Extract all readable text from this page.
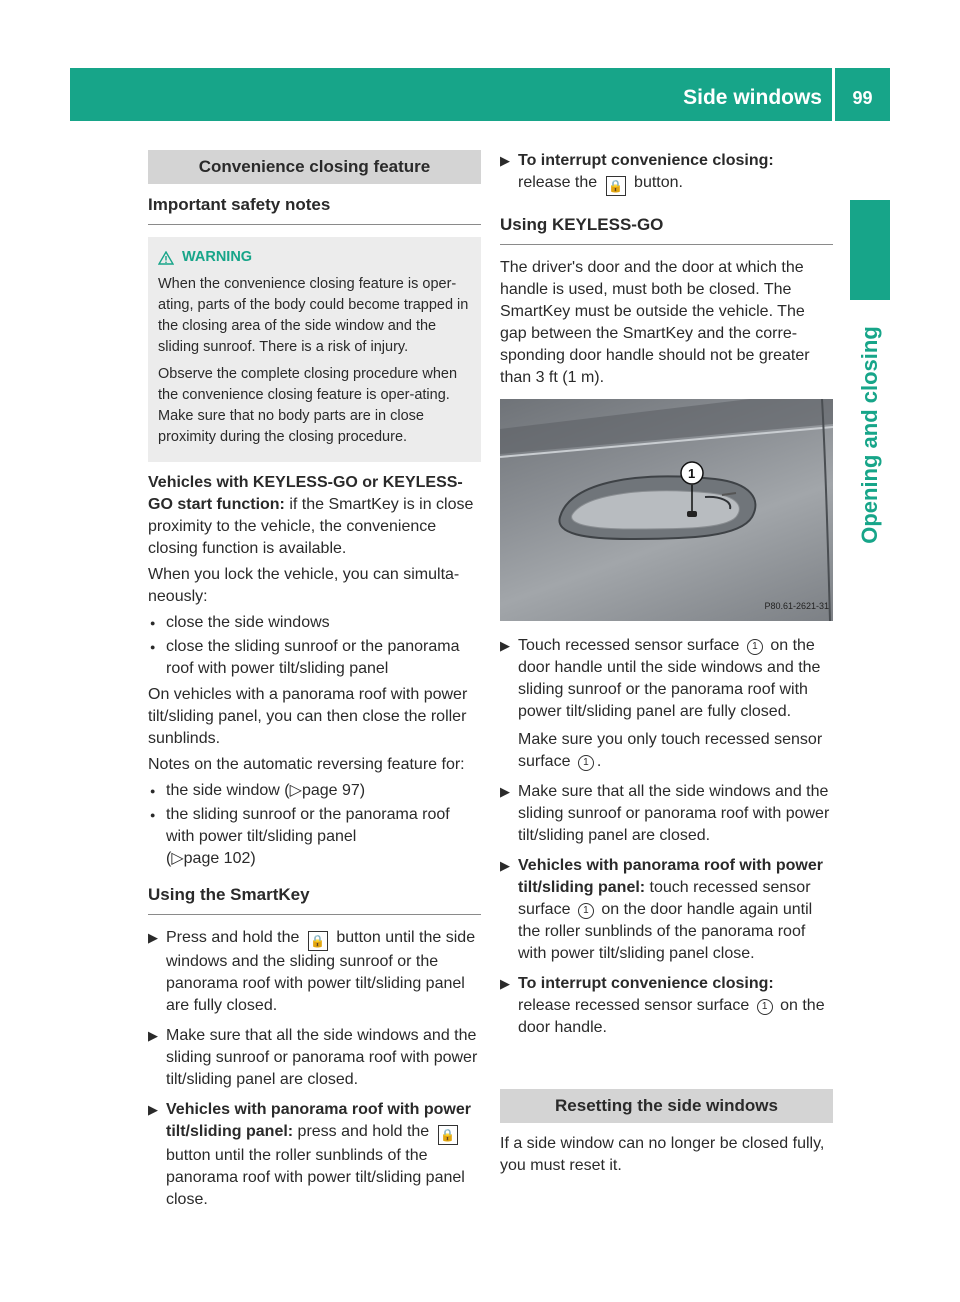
Side windows	99
Opening and closing
Convenience closing feature
Important safety notes
WARNING

When the convenience closing feature is oper-ating, parts of the body could become trapped in the closing area of the side window and the sliding sunroof. There is a risk of injury.

Observe the complete closing procedure when the convenience closing feature is oper-ating. Make sure that no body parts are in close proximity during the closing procedure.

Vehicles with KEYLESS-GO or KEYLESS-GO start function: if the SmartKey is in close proximity to the vehicle, the convenience closing function is available.

When you lock the vehicle, you can simulta-neously:

● close the side windows
● close the sliding sunroof or the panorama roof with power tilt/sliding panel

On vehicles with a panorama roof with power tilt/sliding panel, you can then close the roller sunblinds.

Notes on the automatic reversing feature for:

● the side window (▷page 97)
● the sliding sunroof or the panorama roof with power tilt/sliding panel
(▷page 102)
Using the SmartKey
▶ Press and hold the 🔒 button until the side windows and the sliding sunroof or the panorama roof with power tilt/sliding panel are fully closed.
▶ Make sure that all the side windows and the sliding sunroof or panorama roof with power tilt/sliding panel are closed.
▶ Vehicles with panorama roof with power tilt/sliding panel: press and hold the 🔒 button until the roller sunblinds of the panorama roof with power tilt/sliding panel close.
▶ To interrupt convenience closing:
release the 🔒 button.
Using KEYLESS-GO

The driver's door and the door at which the handle is used, must both be closed. The SmartKey must be outside the vehicle. The gap between the SmartKey and the corre-sponding door handle should not be greater than 3 ft (1 m).

1
P80.61-2621-31
▶ Touch recessed sensor surface 1 on the door handle until the side windows and the sliding sunroof or the panorama roof with power tilt/sliding panel are fully closed.

Make sure you only touch recessed sensor surface 1 .

▶ Make sure that all the side windows and the sliding sunroof or panorama roof with power tilt/sliding panel are closed.
▶ Vehicles with panorama roof with power tilt/sliding panel: touch recessed sensor surface 1 on the door handle again until the roller sunblinds of the panorama roof with power tilt/sliding panel close.
▶ To interrupt convenience closing:
release recessed sensor surface 1 on the door handle.
Resetting the side windows

If a side window can no longer be closed fully, you must reset it.
